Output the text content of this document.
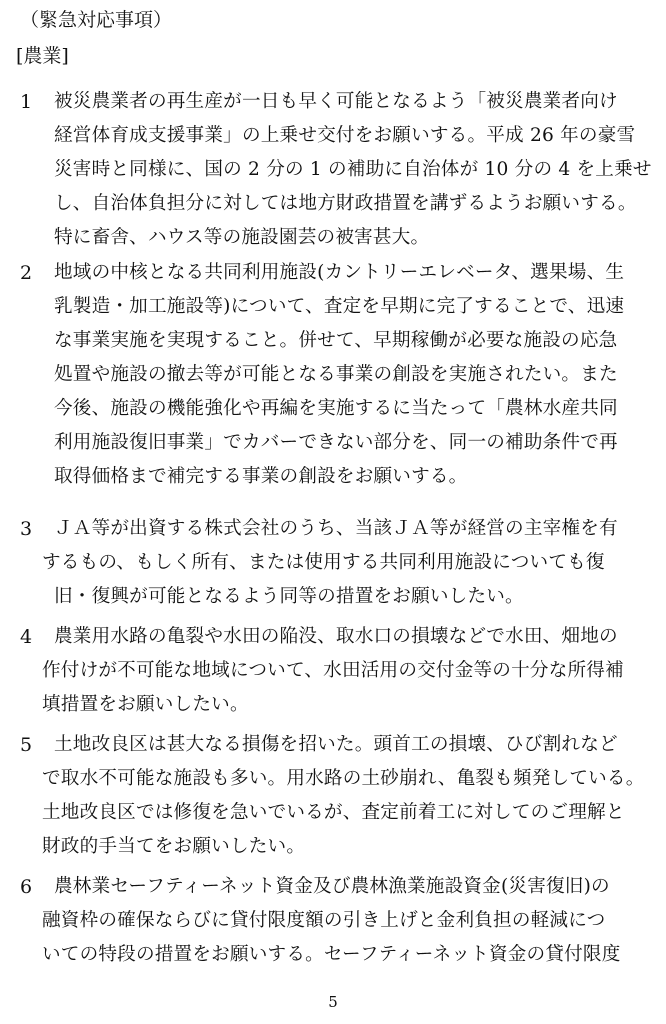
（緊急対応事項）
[農業]
1 被災農業者の再生産が一日も早く可能となるよう「被災農業者向け
経営体育成支援事業」の上乗せ交付をお願いする。平成 26 年の豪雪
災害時と同様に、国の 2 分の 1 の補助に自治体が 10 分の 4 を上乗せ
し、自治体負担分に対しては地方財政措置を講ずるようお願いする。
特に畜舎、ハウス等の施設園芸の被害甚大。
2 地域の中核となる共同利用施設(カントリーエレベータ、選果場、生
乳製造・加工施設等)について、査定を早期に完了することで、迅速
な事業実施を実現すること。併せて、早期稼働が必要な施設の応急
処置や施設の撤去等が可能となる事業の創設を実施されたい。また
今後、施設の機能強化や再編を実施するに当たって「農林水産共同
利用施設復旧事業」でカバーできない部分を、同一の補助条件で再
取得価格まで補完する事業の創設をお願いする。
3 ＪＡ等が出資する株式会社のうち、当該ＪＡ等が経営の主宰権を有
するもの、もしく所有、または使用する共同利用施設についても復
旧・復興が可能となるよう同等の措置をお願いしたい。
4 農業用水路の亀裂や水田の陥没、取水口の損壊などで水田、畑地の
作付けが不可能な地域について、水田活用の交付金等の十分な所得補
填措置をお願いしたい。
5 土地改良区は甚大なる損傷を招いた。頭首工の損壊、ひび割れなど
で取水不可能な施設も多い。用水路の土砂崩れ、亀裂も頻発している。
土地改良区では修復を急いでいるが、査定前着工に対してのご理解と
財政的手当てをお願いしたい。
6 農林業セーフティーネット資金及び農林漁業施設資金(災害復旧)の
融資枠の確保ならびに貸付限度額の引き上げと金利負担の軽減につ
いての特段の措置をお願いする。セーフティーネット資金の貸付限度
5
